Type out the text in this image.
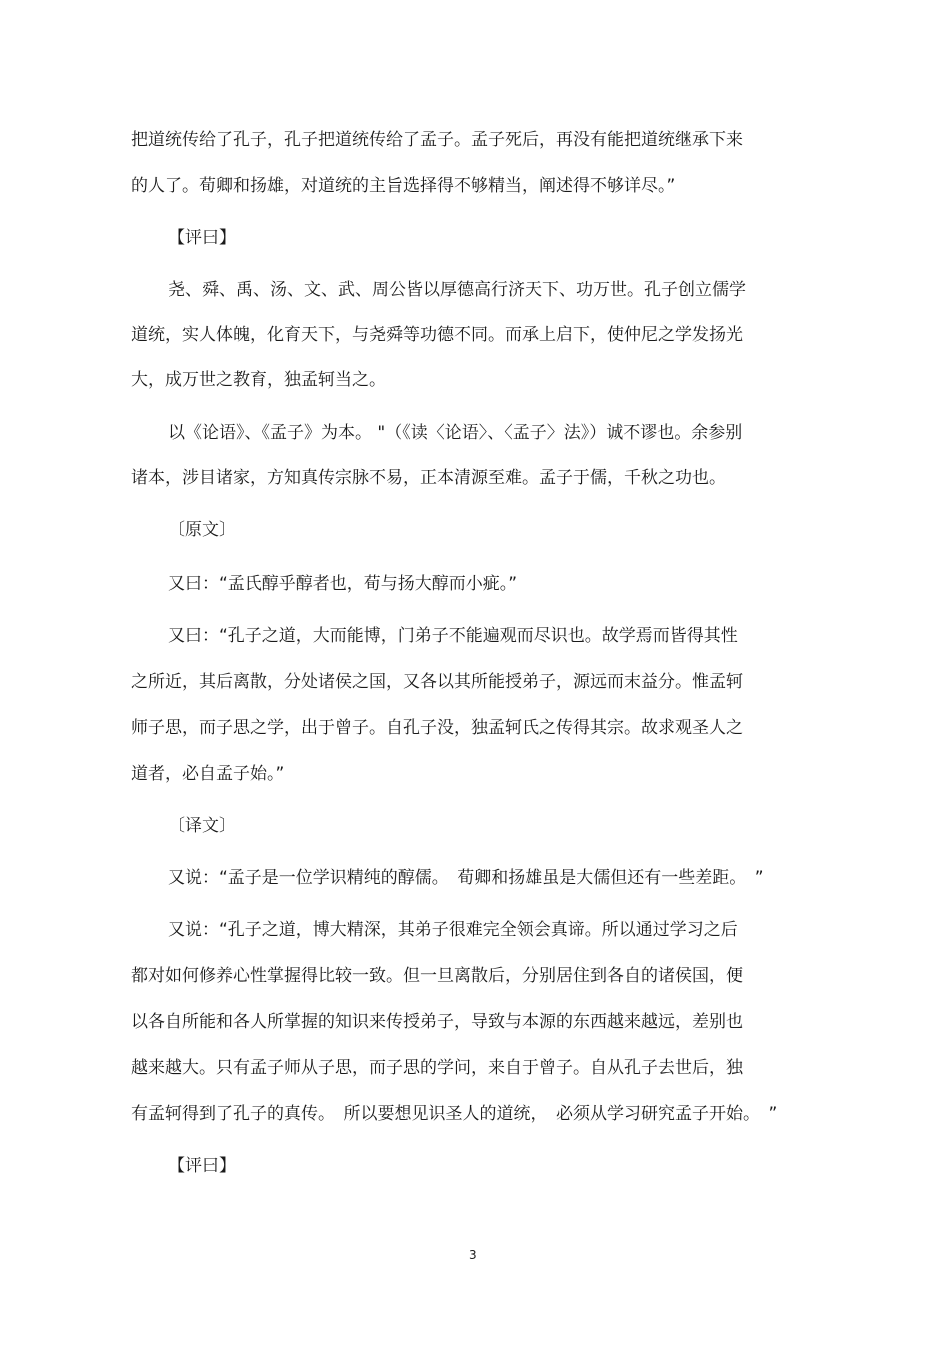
把道统传给了孔子，孔子把道统传给了孟子。孟子死后，再没有能把道统继承下来
的人了。荀卿和扬雄，对道统的主旨选择得不够精当，阐述得不够详尽。”
【评曰】
尧、舜、禹、汤、文、武、周公皆以厚德高行济天下、功万世。孔子创立儒学
道统，实人体魄，化育天下，与尧舜等功德不同。而承上启下，使仲尼之学发扬光
大，成万世之教育，独孟轲当之。
以《论语》、《孟子》为本。 "（《读〈论语〉、〈孟子〉法》）诚不谬也。余参别
诸本，涉目诸家，方知真传宗脉不易，正本清源至难。孟子于儒，千秋之功也。
〔原文〕
又曰：“孟氏醇乎醇者也，荀与扬大醇而小疵。”
又曰：“孔子之道，大而能博，门弟子不能遍观而尽识也。故学焉而皆得其性
之所近，其后离散，分处诸侯之国，又各以其所能授弟子，源远而末益分。惟孟轲
师子思，而子思之学，出于曾子。自孔子没，独孟轲氏之传得其宗。故求观圣人之
道者，必自孟子始。”
〔译文〕
又说：“孟子是一位学识精纯的醇儒。　荀卿和扬雄虽是大儒但还有一些差距。　”
又说：“孔子之道，博大精深，其弟子很难完全领会真谛。所以通过学习之后
都对如何修养心性掌握得比较一致。但一旦离散后，分别居住到各自的诸侯国，便
以各自所能和各人所掌握的知识来传授弟子，导致与本源的东西越来越远，差别也
越来越大。只有孟子师从子思，而子思的学问，来自于曾子。自从孔子去世后，独
有孟轲得到了孔子的真传。　所以要想见识圣人的道统，　必须从学习研究孟子开始。　”
【评曰】
3
